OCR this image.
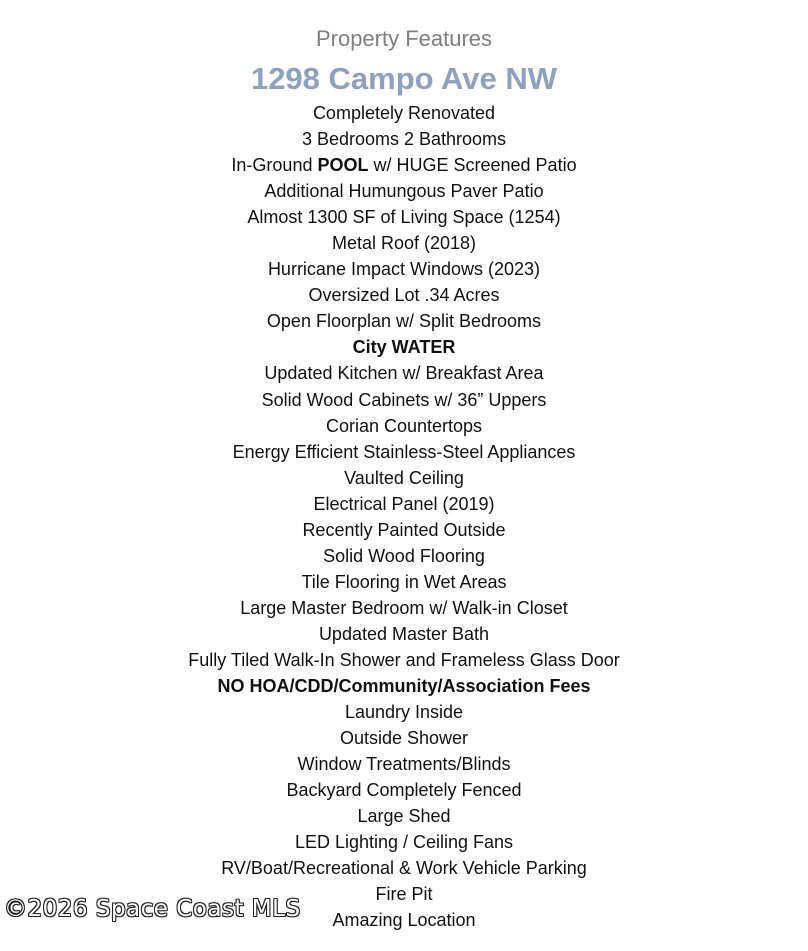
Property Features
1298 Campo Ave NW
Completely Renovated
3 Bedrooms 2 Bathrooms
In-Ground POOL w/ HUGE Screened Patio
Additional Humungous Paver Patio
Almost 1300 SF of Living Space (1254)
Metal Roof (2018)
Hurricane Impact Windows (2023)
Oversized Lot .34 Acres
Open Floorplan w/ Split Bedrooms
City WATER
Updated Kitchen w/ Breakfast Area
Solid Wood Cabinets w/ 36” Uppers
Corian Countertops
Energy Efficient Stainless-Steel Appliances
Vaulted Ceiling
Electrical Panel (2019)
Recently Painted Outside
Solid Wood Flooring
Tile Flooring in Wet Areas
Large Master Bedroom w/ Walk-in Closet
Updated Master Bath
Fully Tiled Walk-In Shower and Frameless Glass Door
NO HOA/CDD/Community/Association Fees
Laundry Inside
Outside Shower
Window Treatments/Blinds
Backyard Completely Fenced
Large Shed
LED Lighting / Ceiling Fans
RV/Boat/Recreational & Work Vehicle Parking
Fire Pit
Amazing Location
©2026 Space Coast MLS
